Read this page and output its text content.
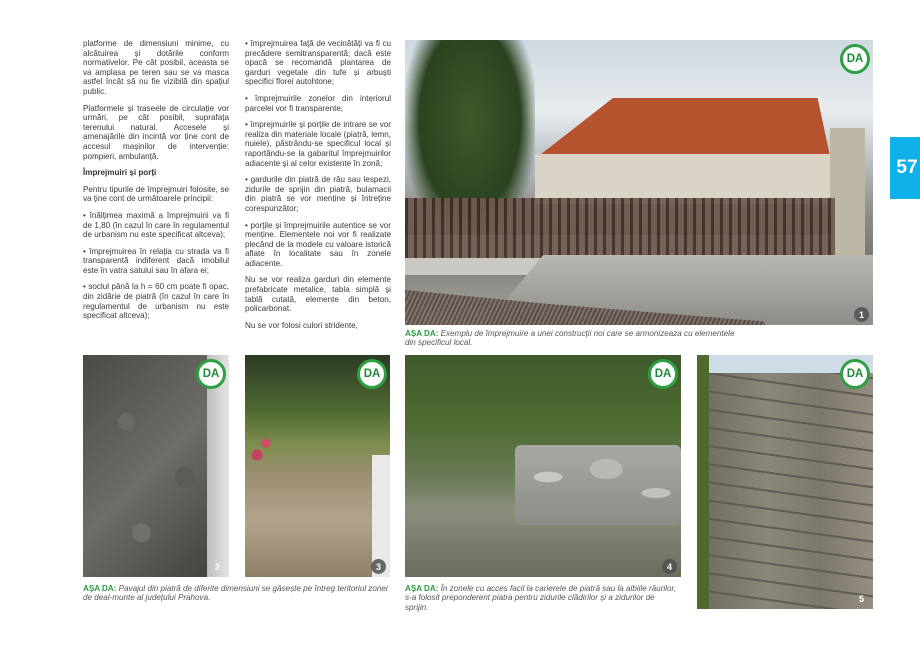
platforme de dimensiuni minime, cu alcătuirea și dotările conform normativelor. Pe cât posibil, aceasta se va amplasa pe teren sau se va masca astfel încât să nu fie vizibilă din spațiul public.

Platformele și traseele de circulație vor urmări, pe cât posibil, suprafața terenului natural. Accesele și amenajările din incintă vor ține cont de accesul mașinilor de intervenție: pompieri, ambulanță.

Împrejmuiri și porți

Pentru tipurile de împrejmuiri folosite, se va ține cont de următoarele principii:

• înălțimea maximă a împrejmuirii va fi de 1,80 (în cazul în care în regulamentul de urbanism nu este specificat altceva);

• împrejmuirea în relația cu strada va fi transparentă indiferent dacă imobilul este în vatra satului sau în afara ei;

• soclul până la h = 60 cm poate fi opac, din zidărie de piatră (în cazul în care în regulamentul de urbanism nu este specificat altceva);

• împrejmuirea față de vecinătăți va fi cu precădere semitransparentă; dacă este opacă se recomandă plantarea de garduri vegetale din tufe și arbuști specifici florei autohtone;

• împrejmuirile zonelor din interiorul parcelei vor fi transparente;

• împrejmuirile și porțile de intrare se vor realiza din materiale locale (piatră, lemn, nuiele), păstrându-se specificul local și raportându-se la gabaritul împrejmuirilor adiacente și al celor existente în zonă;

• gardurile din piatră de râu sau lespezi, zidurile de sprijin din piatră, bulamacii din piatră se vor menține și întreține corespunzător;

• porțile și împrejmuirile autentice se vor menține. Elementele noi vor fi realizate plecând de la modele cu valoare istorică aflate în localitate sau în zonele adiacente.

Nu se vor realiza garduri din elemente prefabricate metalice, tabla simplă și tablă cutată, elemente din beton, policarbonat.

Nu se vor folosi culori stridente,

DA
1
AȘA DA: Exemplu de împrejmuire a unei construcții noi care se armonizeaza cu elementele din specificul local.
DA
2
DA
3
AȘA DA: Pavajul din piatră de diferite dimensiuni se găsește pe întreg teritoriul zonei de deal-munte al județului Prahova.
DA
4
DA
5
AȘA DA: În zonele cu acces facil la carierele de piatră sau la albiile râurilor, s-a folosit preponderent piatra pentru zidurile clădirilor și a zidurilor de sprijin.
57
